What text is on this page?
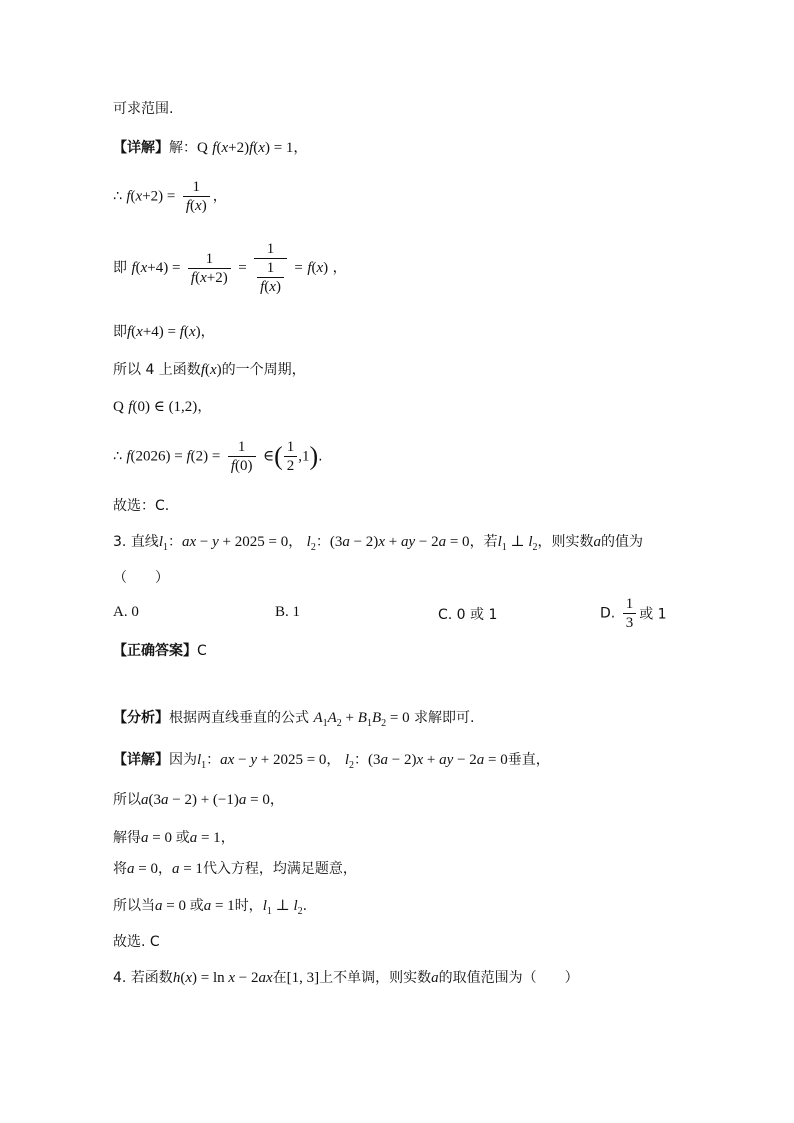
可求范围.
【详解】解：Q f(x+2)f(x) = 1，
∴ $f(x+2) = \frac{1}{f(x)}$ ，
即 $f(x+4) = \frac{1}{f(x+2)} = \frac{1}{\frac{1}{f(x)}} = f(x)$ ，
即f(x+4) = f(x)，
所以 4 上函数f(x)的一个周期，
Q f(0) ∈ (1,2)，
∴ $f(2026) = f(2) = \frac{1}{f(0)}$ ∈( $\frac{1}{2} ,1$).
故选：C.
3. 直线$l_1$：ax − y + 2025 = 0， $l_2$：(3a − 2)x + ay − 2a = 0，若$l_1$ ⊥ $l_2$，则实数a的值为
（　　）
A. 0	B. 1	C. 0 或 1	D. $\frac{1}{3}$ 或 1
【正确答案】C
【分析】根据两直线垂直的公式 $A_1A_2 + B_1B_2 = 0$ 求解即可.
【详解】因为$l_1$：ax − y + 2025 = 0， $l_2$：(3a − 2)x + ay − 2a = 0垂直，
所以a(3a − 2) + (−1)a = 0，
解得a = 0 或a = 1，
将a = 0，a = 1代入方程，均满足题意，
所以当a = 0 或a = 1时，$l_1$ ⊥ $l_2$.
故选. C
4. 若函数h(x) = ln x − 2ax在[1, 3]上不单调，则实数a的取值范围为（　　）
